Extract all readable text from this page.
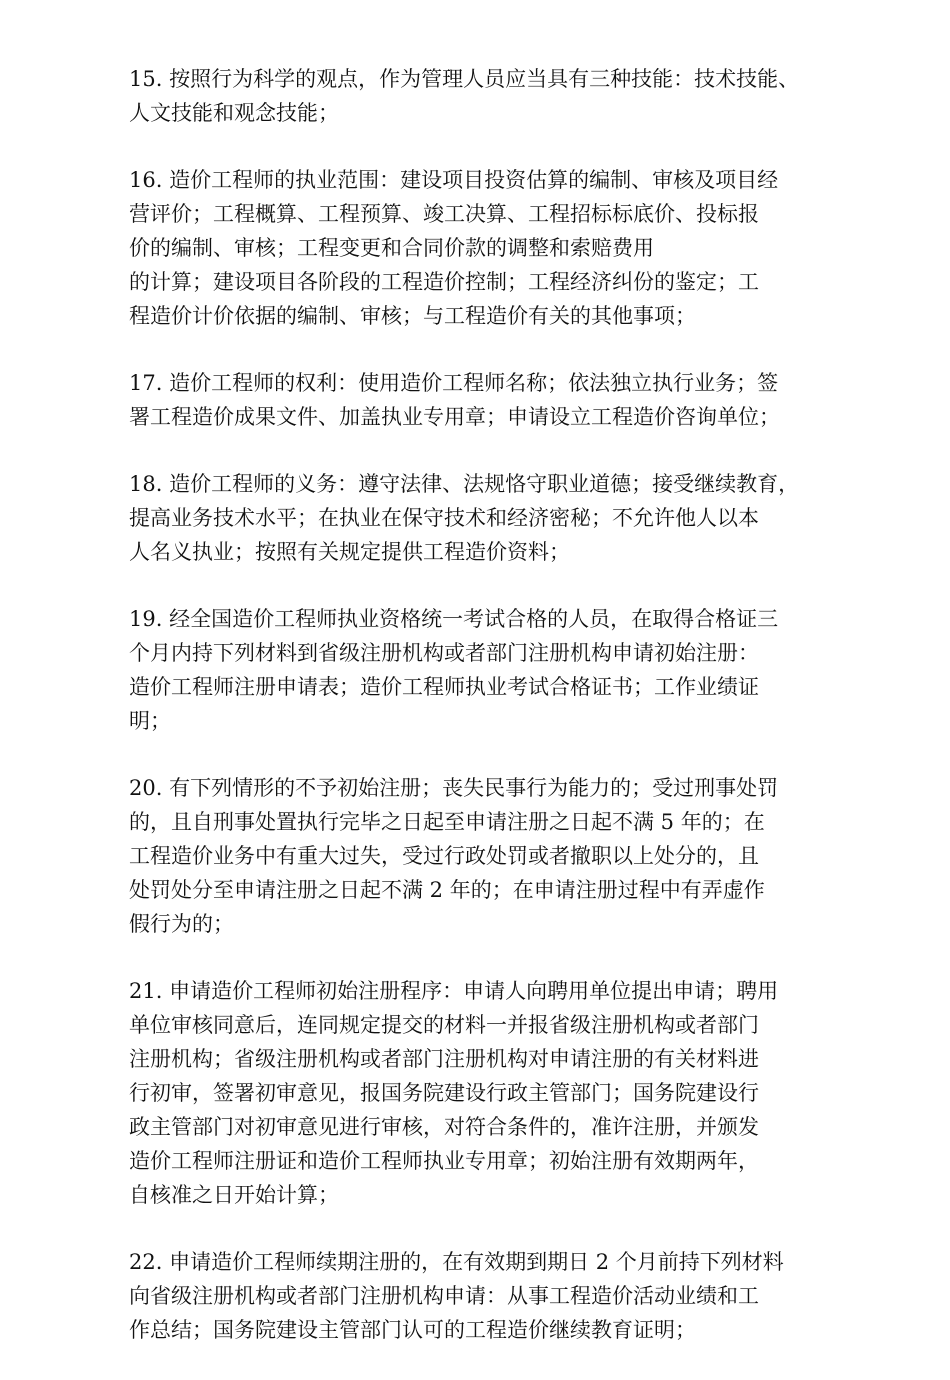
15. 按照行为科学的观点，作为管理人员应当具有三种技能：技术技能、
人文技能和观念技能；
16. 造价工程师的执业范围：建设项目投资估算的编制、审核及项目经
营评价；工程概算、工程预算、竣工决算、工程招标标底价、投标报
价的编制、审核；工程变更和合同价款的调整和索赔费用
的计算；建设项目各阶段的工程造价控制；工程经济纠份的鉴定；工
程造价计价依据的编制、审核；与工程造价有关的其他事项；
17. 造价工程师的权利：使用造价工程师名称；依法独立执行业务；签
署工程造价成果文件、加盖执业专用章；申请设立工程造价咨询单位；
18. 造价工程师的义务：遵守法律、法规恪守职业道德；接受继续教育，
提高业务技术水平；在执业在保守技术和经济密秘；不允许他人以本
人名义执业；按照有关规定提供工程造价资料；
19. 经全国造价工程师执业资格统一考试合格的人员，在取得合格证三
个月内持下列材料到省级注册机构或者部门注册机构申请初始注册：
造价工程师注册申请表；造价工程师执业考试合格证书；工作业绩证
明；
20. 有下列情形的不予初始注册；丧失民事行为能力的；受过刑事处罚
的，且自刑事处置执行完毕之日起至申请注册之日起不满 5 年的；在
工程造价业务中有重大过失，受过行政处罚或者撤职以上处分的，且
处罚处分至申请注册之日起不满 2 年的；在申请注册过程中有弄虚作
假行为的；
21. 申请造价工程师初始注册程序：申请人向聘用单位提出申请；聘用
单位审核同意后，连同规定提交的材料一并报省级注册机构或者部门
注册机构；省级注册机构或者部门注册机构对申请注册的有关材料进
行初审，签署初审意见，报国务院建设行政主管部门；国务院建设行
政主管部门对初审意见进行审核，对符合条件的，准许注册，并颁发
造价工程师注册证和造价工程师执业专用章；初始注册有效期两年，
自核准之日开始计算；
22. 申请造价工程师续期注册的，在有效期到期日 2 个月前持下列材料
向省级注册机构或者部门注册机构申请：从事工程造价活动业绩和工
作总结；国务院建设主管部门认可的工程造价继续教育证明；
